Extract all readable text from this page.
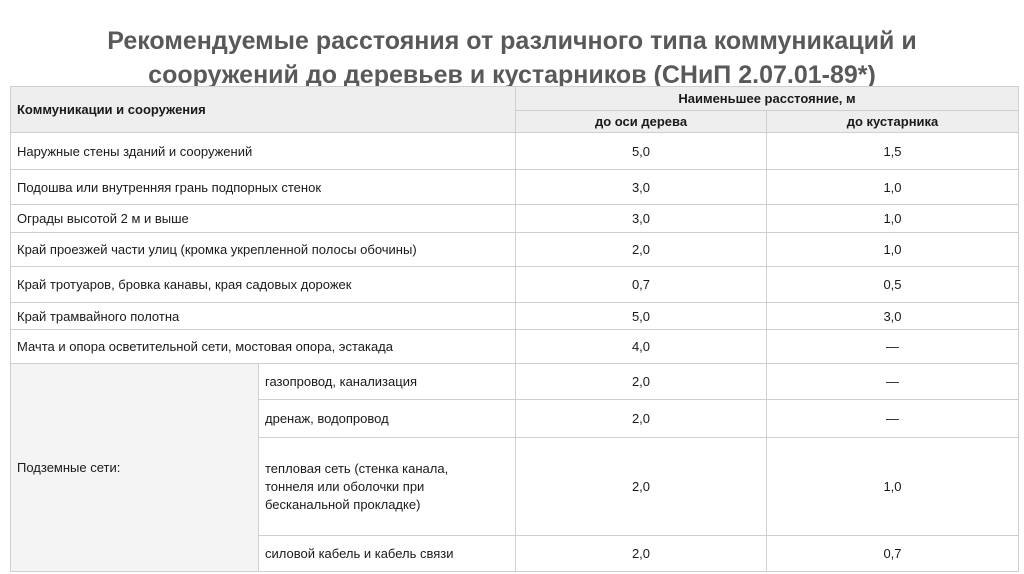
Рекомендуемые расстояния от различного типа коммуникаций и
сооружений до деревьев и кустарников (СНиП 2.07.01-89*)
Коммуникации и сооружения		Наименьшее расстояние, м	
		до оси дерева	до кустарника
Наружные стены зданий и сооружений		5,0	1,5
Подошва или внутренняя грань подпорных стенок		3,0	1,0
Ограды высотой 2 м и выше		3,0	1,0
Край проезжей части улиц (кромка укрепленной полосы обочины)		2,0	1,0
Край тротуаров, бровка канавы, края садовых дорожек		0,7	0,5
Край трамвайного полотна		5,0	3,0
Мачта и опора осветительной сети, мостовая опора, эстакада		4,0	—
Подземные сети:	газопровод, канализация	2,0	—
	дренаж, водопровод	2,0	—

	тепловая сеть (стенка канала,
тоннеля или оболочки при
бесканальной прокладке)	2,0	1,0
	силовой кабель и кабель связи	2,0	0,7
